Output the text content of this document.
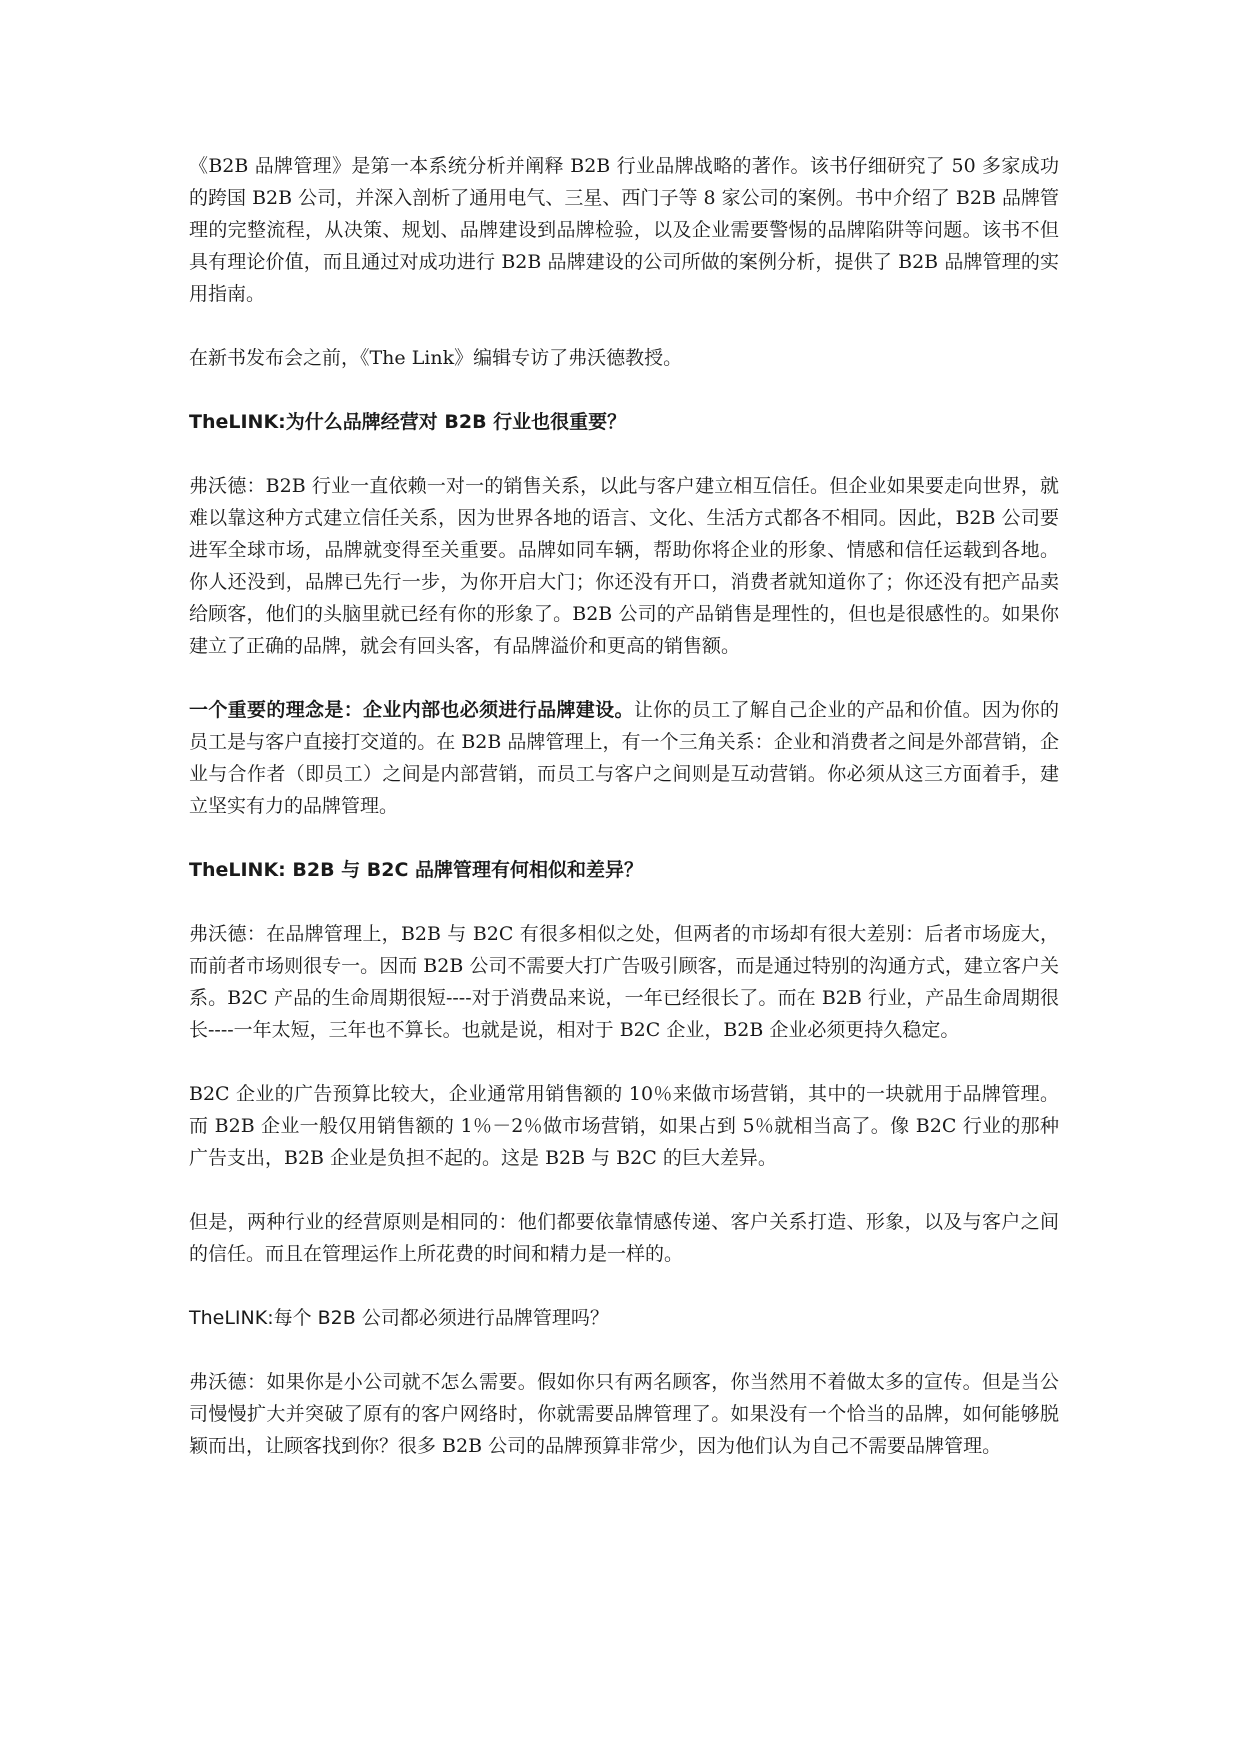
《B2B 品牌管理》是第一本系统分析并阐释 B2B 行业品牌战略的著作。该书仔细研究了 50 多家成功的跨国 B2B 公司，并深入剖析了通用电气、三星、西门子等 8 家公司的案例。书中介绍了 B2B 品牌管理的完整流程，从决策、规划、品牌建设到品牌检验，以及企业需要警惕的品牌陷阱等问题。该书不但具有理论价值，而且通过对成功进行 B2B 品牌建设的公司所做的案例分析，提供了 B2B 品牌管理的实用指南。

在新书发布会之前，《The Link》编辑专访了弗沃德教授。

TheLINK:为什么品牌经营对 B2B 行业也很重要？

弗沃德：B2B 行业一直依赖一对一的销售关系，以此与客户建立相互信任。但企业如果要走向世界，就难以靠这种方式建立信任关系，因为世界各地的语言、文化、生活方式都各不相同。因此，B2B 公司要进军全球市场，品牌就变得至关重要。品牌如同车辆，帮助你将企业的形象、情感和信任运载到各地。你人还没到，品牌已先行一步，为你开启大门；你还没有开口，消费者就知道你了；你还没有把产品卖给顾客，他们的头脑里就已经有你的形象了。B2B 公司的产品销售是理性的，但也是很感性的。如果你建立了正确的品牌，就会有回头客，有品牌溢价和更高的销售额。

一个重要的理念是：企业内部也必须进行品牌建设。让你的员工了解自己企业的产品和价值。因为你的员工是与客户直接打交道的。在 B2B 品牌管理上，有一个三角关系：企业和消费者之间是外部营销，企业与合作者（即员工）之间是内部营销，而员工与客户之间则是互动营销。你必须从这三方面着手，建立坚实有力的品牌管理。

TheLINK: B2B 与 B2C 品牌管理有何相似和差异？

弗沃德：在品牌管理上，B2B 与 B2C 有很多相似之处，但两者的市场却有很大差别：后者市场庞大，而前者市场则很专一。因而 B2B 公司不需要大打广告吸引顾客，而是通过特别的沟通方式，建立客户关系。B2C 产品的生命周期很短----对于消费品来说，一年已经很长了。而在 B2B 行业，产品生命周期很长----一年太短，三年也不算长。也就是说，相对于 B2C 企业，B2B 企业必须更持久稳定。

B2C 企业的广告预算比较大，企业通常用销售额的 10％来做市场营销，其中的一块就用于品牌管理。而 B2B 企业一般仅用销售额的 1％－2％做市场营销，如果占到 5％就相当高了。像 B2C 行业的那种广告支出，B2B 企业是负担不起的。这是 B2B 与 B2C 的巨大差异。

但是，两种行业的经营原则是相同的：他们都要依靠情感传递、客户关系打造、形象，以及与客户之间的信任。而且在管理运作上所花费的时间和精力是一样的。

TheLINK:每个 B2B 公司都必须进行品牌管理吗？

弗沃德：如果你是小公司就不怎么需要。假如你只有两名顾客，你当然用不着做太多的宣传。但是当公司慢慢扩大并突破了原有的客户网络时，你就需要品牌管理了。如果没有一个恰当的品牌，如何能够脱颖而出，让顾客找到你？很多 B2B 公司的品牌预算非常少，因为他们认为自己不需要品牌管理。
